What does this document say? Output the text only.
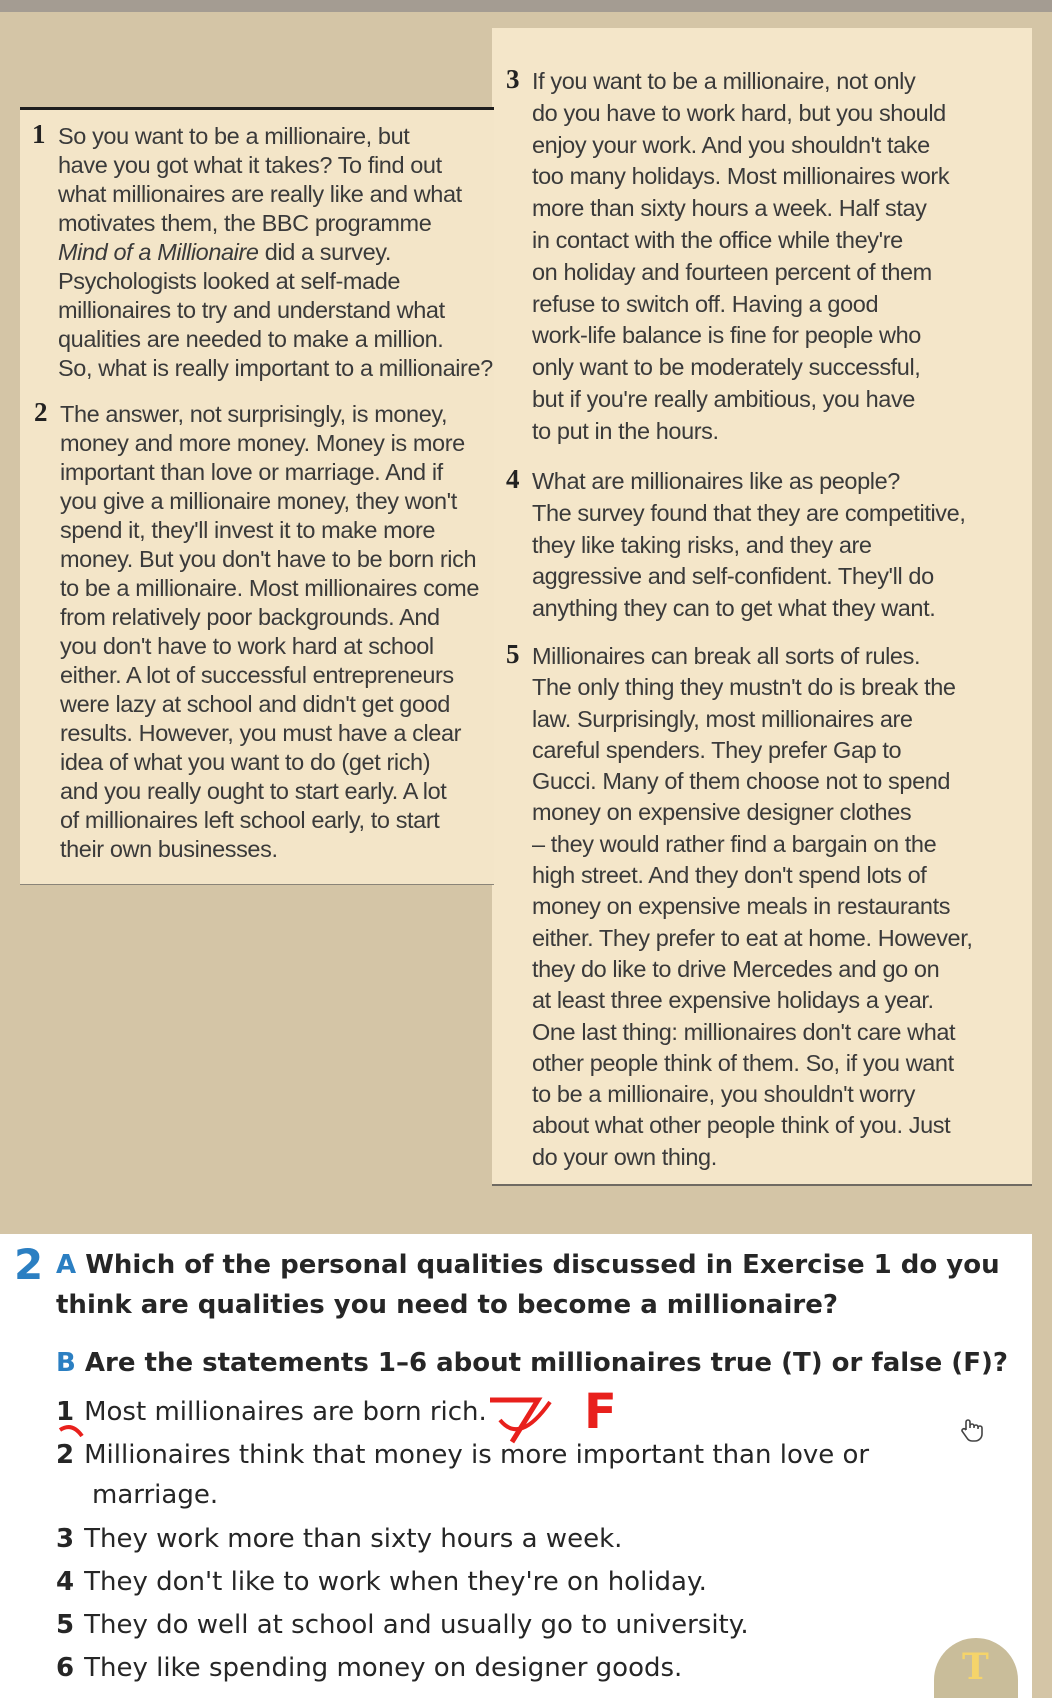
1 So you want to be a millionaire, but
have you got what it takes? To find out
what millionaires are really like and what
motivates them, the BBC programme
Mind of a Millionaire did a survey.
Psychologists looked at self-made
millionaires to try and understand what
qualities are needed to make a million.
So, what is really important to a millionaire?
2 The answer, not surprisingly, is money,
money and more money. Money is more
important than love or marriage. And if
you give a millionaire money, they won't
spend it, they'll invest it to make more
money. But you don't have to be born rich
to be a millionaire. Most millionaires come
from relatively poor backgrounds. And
you don't have to work hard at school
either. A lot of successful entrepreneurs
were lazy at school and didn't get good
results. However, you must have a clear
idea of what you want to do (get rich)
and you really ought to start early. A lot
of millionaires left school early, to start
their own businesses.
3 If you want to be a millionaire, not only
do you have to work hard, but you should
enjoy your work. And you shouldn't take
too many holidays. Most millionaires work
more than sixty hours a week. Half stay
in contact with the office while they're
on holiday and fourteen percent of them
refuse to switch off. Having a good
work-life balance is fine for people who
only want to be moderately successful,
but if you're really ambitious, you have
to put in the hours.
4 What are millionaires like as people?
The survey found that they are competitive,
they like taking risks, and they are
aggressive and self-confident. They'll do
anything they can to get what they want.
5 Millionaires can break all sorts of rules.
The only thing they mustn't do is break the
law. Surprisingly, most millionaires are
careful spenders. They prefer Gap to
Gucci. Many of them choose not to spend
money on expensive designer clothes
– they would rather find a bargain on the
high street. And they don't spend lots of
money on expensive meals in restaurants
either. They prefer to eat at home. However,
they do like to drive Mercedes and go on
at least three expensive holidays a year.
One last thing: millionaires don't care what
other people think of them. So, if you want
to be a millionaire, you shouldn't worry
about what other people think of you. Just
do your own thing.
2 A Which of the personal qualities discussed in Exercise 1 do you
think are qualities you need to become a millionaire?
B Are the statements 1–6 about millionaires true (T) or false (F)?
1 Most millionaires are born rich.
2 Millionaires think that money is more important than love or
marriage.
3 They work more than sixty hours a week.
4 They don't like to work when they're on holiday.
5 They do well at school and usually go to university.
6 They like spending money on designer goods.
F
T
